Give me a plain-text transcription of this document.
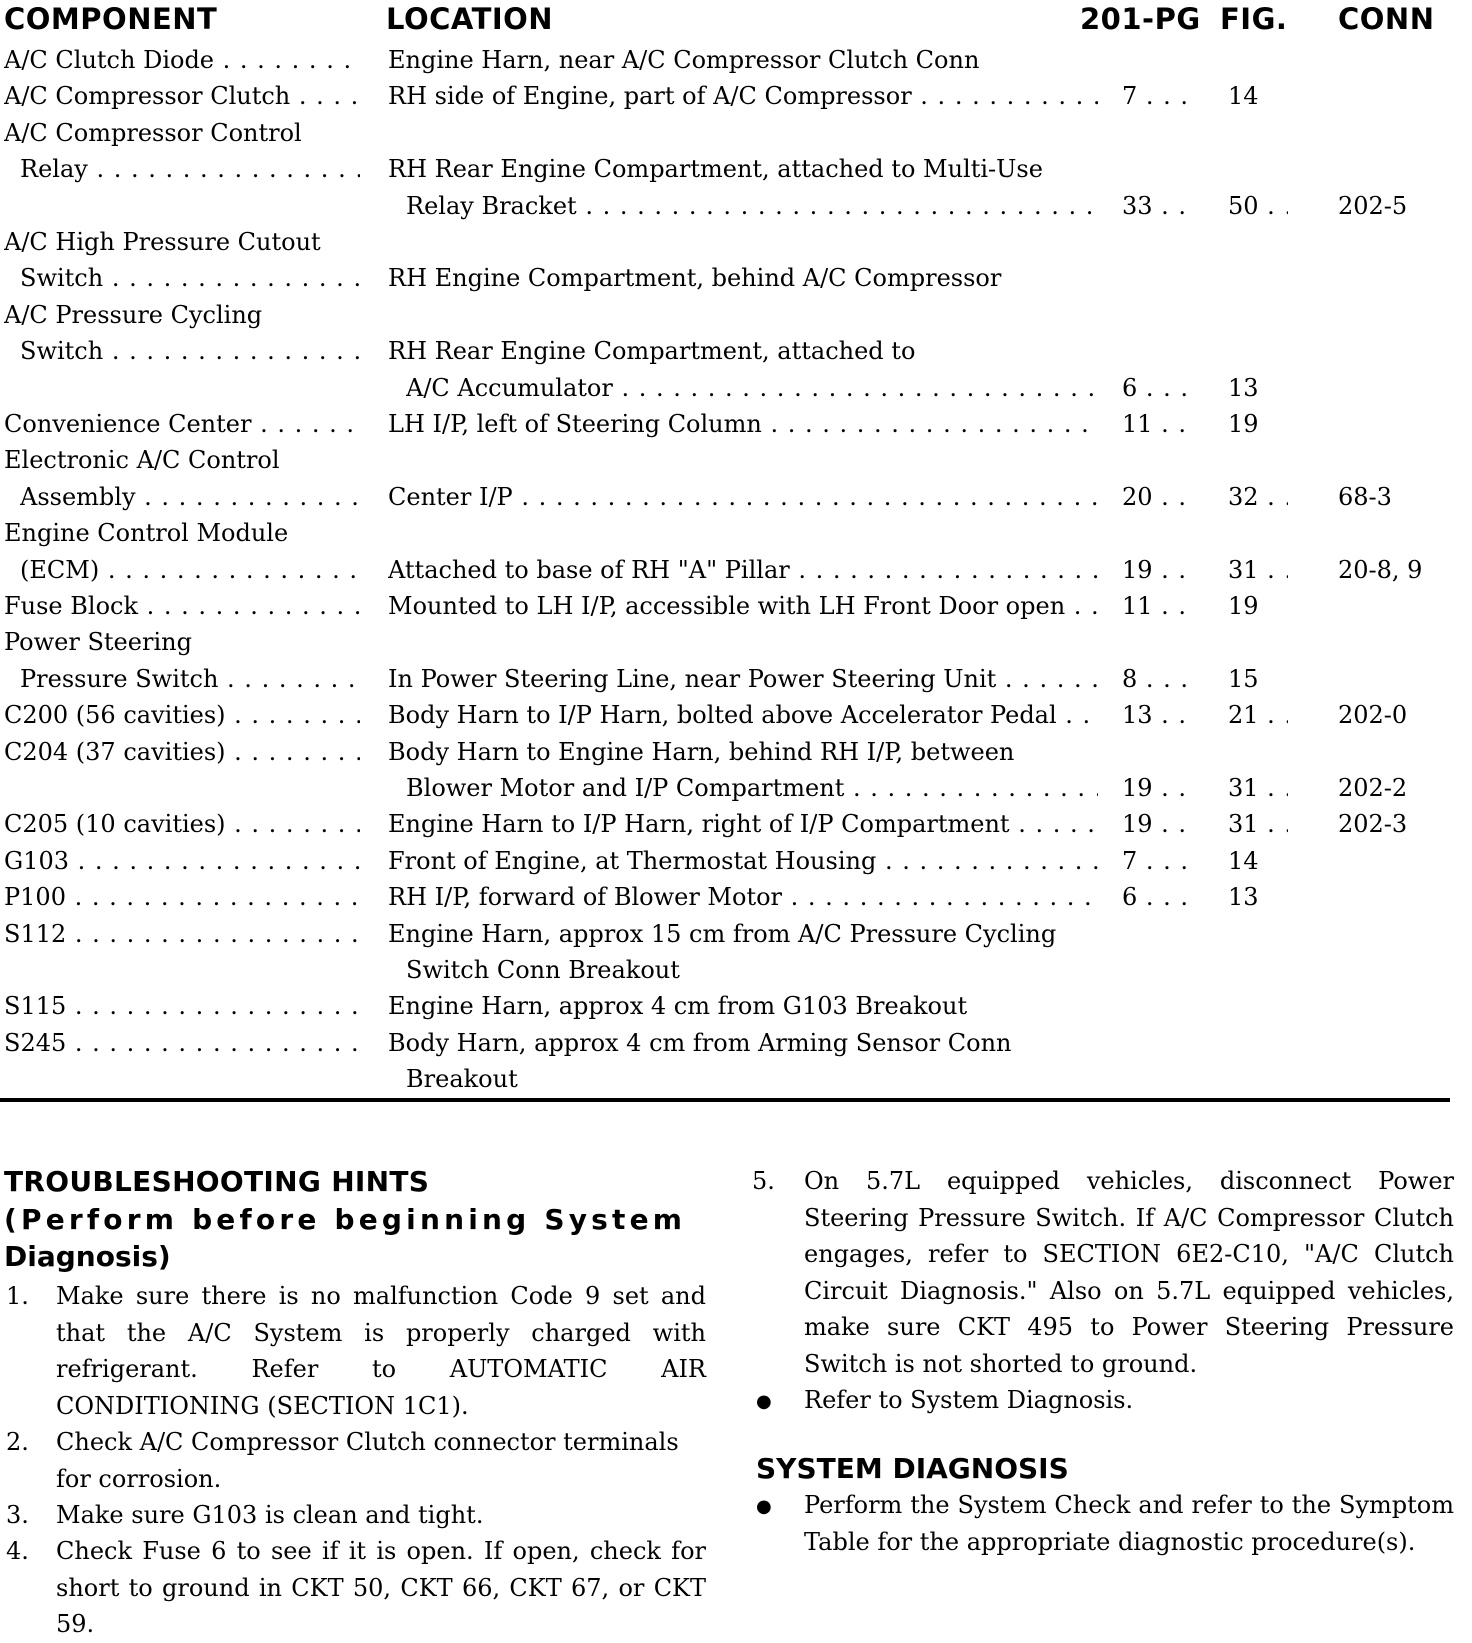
COMPONENT	LOCATION	201-PG FIG. CONN
A/C Clutch Diode . . .	Engine Harn, near A/C Compressor Clutch Conn
A/C Compressor Clutch . . .	RH side of Engine, part of A/C Compressor . . .	7 . . .	14
A/C Compressor Control
Relay . . .	RH Rear Engine Compartment, attached to Multi-Use
Relay Bracket . . .	33 . . .	50 . . .	202-5
A/C High Pressure Cutout
Switch . . .	RH Engine Compartment, behind A/C Compressor
A/C Pressure Cycling
Switch . . .	RH Rear Engine Compartment, attached to
A/C Accumulator . . .	6 . . .	13
Convenience Center . . .	LH I/P, left of Steering Column . . .	11 . . .	19
Electronic A/C Control
Assembly . . .	Center I/P . . .	20 . . .	32 . . .	68-3
Engine Control Module
(ECM) . . .	Attached to base of RH "A" Pillar . . .	19 . . .	31 . . .	20-8, 9
Fuse Block . . .	Mounted to LH I/P, accessible with LH Front Door open . . .	11 . . .	19
Power Steering
Pressure Switch . . .	In Power Steering Line, near Power Steering Unit . . .	8 . . .	15
C200 (56 cavities) . . .	Body Harn to I/P Harn, bolted above Accelerator Pedal . . .	13 . . .	21 . . .	202-0
C204 (37 cavities) . . .	Body Harn to Engine Harn, behind RH I/P, between
Blower Motor and I/P Compartment . . .	19 . . .	31 . . .	202-2
C205 (10 cavities) . . .	Engine Harn to I/P Harn, right of I/P Compartment . . .	19 . . .	31 . . .	202-3
G103 . . .	Front of Engine, at Thermostat Housing . . .	7 . . .	14
P100 . . .	RH I/P, forward of Blower Motor . . .	6 . . .	13
S112 . . .	Engine Harn, approx 15 cm from A/C Pressure Cycling
Switch Conn Breakout
S115 . . .	Engine Harn, approx 4 cm from G103 Breakout
S245 . . .	Body Harn, approx 4 cm from Arming Sensor Conn
Breakout
TROUBLESHOOTING HINTS
(Perform before beginning System
Diagnosis)
1. Make sure there is no malfunction Code 9 set and that the A/C System is properly charged with refrigerant. Refer to AUTOMATIC AIR CONDITIONING (SECTION 1C1).
2. Check A/C Compressor Clutch connector terminals for corrosion.
3. Make sure G103 is clean and tight.
4. Check Fuse 6 to see if it is open. If open, check for short to ground in CKT 50, CKT 66, CKT 67, or CKT 59.
5. On 5.7L equipped vehicles, disconnect Power Steering Pressure Switch. If A/C Compressor Clutch engages, refer to SECTION 6E2-C10, "A/C Clutch Circuit Diagnosis." Also on 5.7L equipped vehicles, make sure CKT 495 to Power Steering Pressure Switch is not shorted to ground.
● Refer to System Diagnosis.
SYSTEM DIAGNOSIS
● Perform the System Check and refer to the Symptom Table for the appropriate diagnostic procedure(s).
